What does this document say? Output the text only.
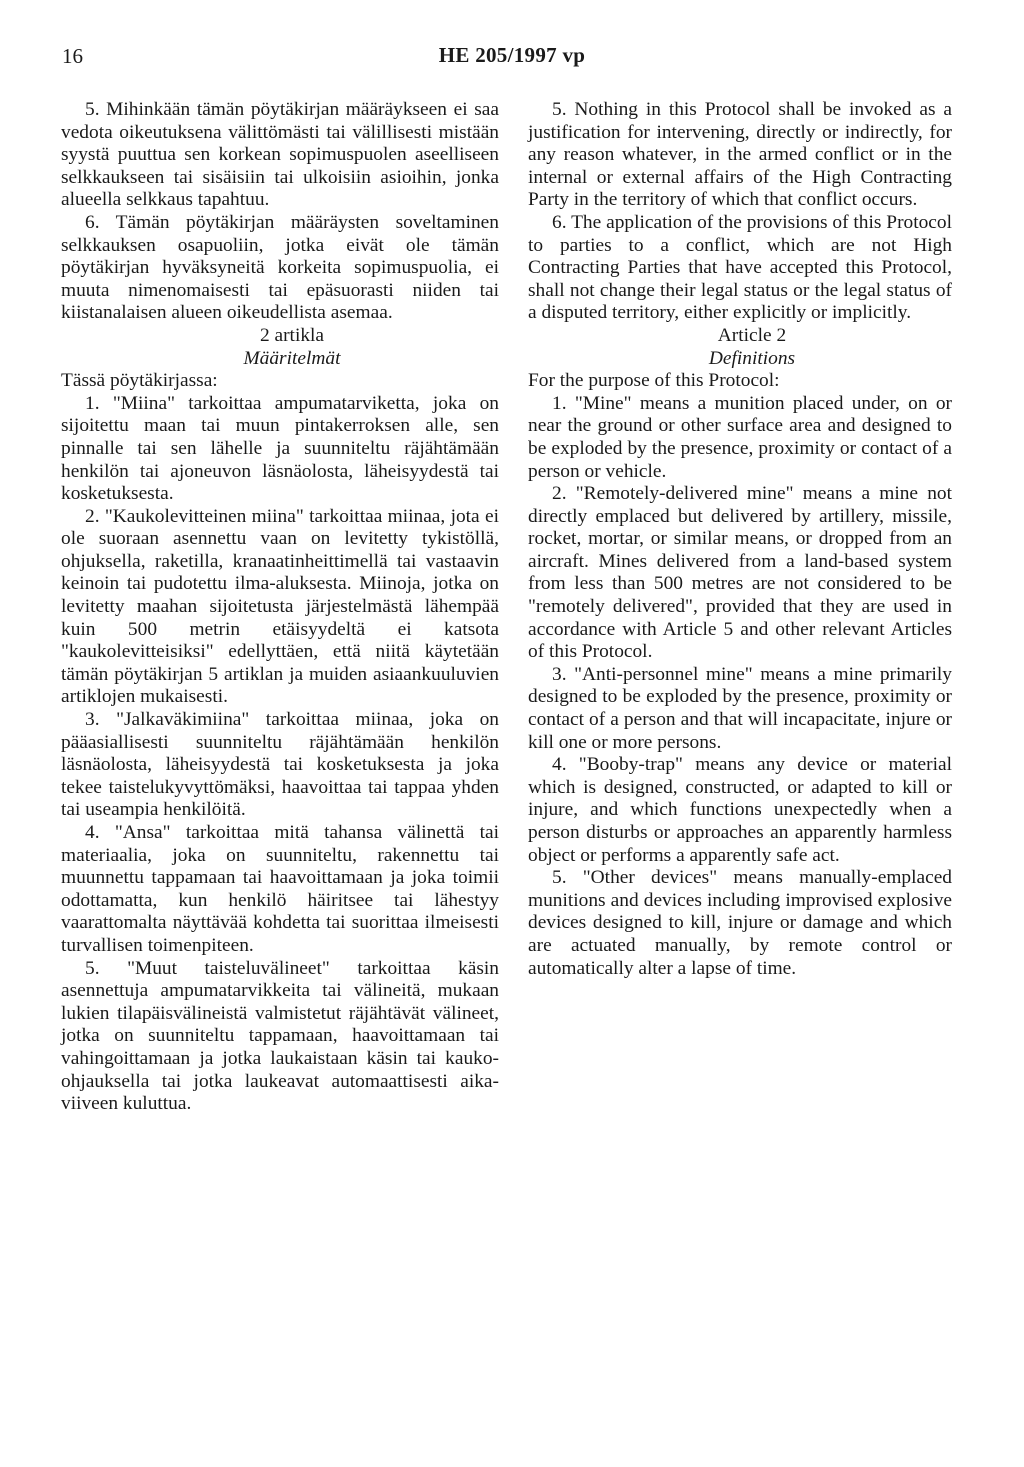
16	HE 205/1997 vp

5. Mihinkään tämän pöytäkirjan määräykseen ei saa vedota oikeutuksena välittömästi tai välillisesti mistään syystä puuttua sen korkean sopimuspuolen aseelliseen selkkaukseen tai sisäisiin tai ulkoisiin asioihin, jonka alueella selkkaus tapahtuu.

6. Tämän pöytäkirjan määräysten soveltaminen selkkauksen osapuoliin, jotka eivät ole tämän pöytäkirjan hyväksyneitä korkeita sopimuspuolia, ei muuta nimenomaisesti tai epäsuorasti niiden tai kiistanalaisen alueen oikeudellista asemaa.

2 artikla

Määritelmät

Tässä pöytäkirjassa:

1. "Miina" tarkoittaa ampumatarviketta, joka on sijoitettu maan tai muun pintakerroksen alle, sen pinnalle tai sen lähelle ja suunniteltu räjähtämään henkilön tai ajoneuvon läsnäolosta, läheisyydestä tai kosketuksesta.

2. "Kaukolevitteinen miina" tarkoittaa miinaa, jota ei ole suoraan asennettu vaan on levitetty tykistöllä, ohjuksella, raketilla, kranaatinheittimellä tai vastaavin keinoin tai pudotettu ilma-aluksesta. Miinoja, jotka on levitetty maahan sijoitetusta järjestelmästä lähempää kuin 500 metrin etäisyydeltä ei katsota "kaukolevitteisiksi" edellyttäen, että niitä käytetään tämän pöytäkirjan 5 artiklan ja muiden asiaankuuluvien artiklojen mukaisesti.

3. "Jalkaväkimiina" tarkoittaa miinaa, joka on pääasiallisesti suunniteltu räjähtämään henkilön läsnäolosta, läheisyydestä tai kosketuksesta ja joka tekee taistelukyvyttömäksi, haavoittaa tai tappaa yhden tai useampia henkilöitä.

4. "Ansa" tarkoittaa mitä tahansa välinettä tai materiaalia, joka on suunniteltu, rakennettu tai muunnettu tappamaan tai haavoittamaan ja joka toimii odottamatta, kun henkilö häiritsee tai lähestyy vaarattomalta näyttävää kohdetta tai suorittaa ilmeisesti turvallisen toimenpiteen.

5. "Muut taisteluvälineet" tarkoittaa käsin asennettuja ampumatarvikkeita tai välineitä, mukaan lukien tilapäisvälineistä valmistetut räjähtävät välineet, jotka on suunniteltu tappamaan, haavoittamaan tai vahingoittamaan ja jotka laukaistaan käsin tai kauko-ohjauksella tai jotka laukeavat automaattisesti aikaviiveen kuluttua.

5. Nothing in this Protocol shall be invoked as a justification for intervening, directly or indirectly, for any reason whatever, in the armed conflict or in the internal or external affairs of the High Contracting Party in the territory of which that conflict occurs.

6. The application of the provisions of this Protocol to parties to a conflict, which are not High Contracting Parties that have accepted this Protocol, shall not change their legal status or the legal status of a disputed territory, either explicitly or implicitly.

Article 2

Definitions

For the purpose of this Protocol:

1. "Mine" means a munition placed under, on or near the ground or other surface area and designed to be exploded by the presence, proximity or contact of a person or vehicle.

2. "Remotely-delivered mine" means a mine not directly emplaced but delivered by artillery, missile, rocket, mortar, or similar means, or dropped from an aircraft. Mines delivered from a land-based system from less than 500 metres are not considered to be "remotely delivered", provided that they are used in accordance with Article 5 and other relevant Articles of this Protocol.

3. "Anti-personnel mine" means a mine primarily designed to be exploded by the presence, proximity or contact of a person and that will incapacitate, injure or kill one or more persons.

4. "Booby-trap" means any device or material which is designed, constructed, or adapted to kill or injure, and which functions unexpectedly when a person disturbs or approaches an apparently harmless object or performs a apparently safe act.

5. "Other devices" means manually-emplaced munitions and devices including improvised explosive devices designed to kill, injure or damage and which are actuated manually, by remote control or automatically alter a lapse of time.
